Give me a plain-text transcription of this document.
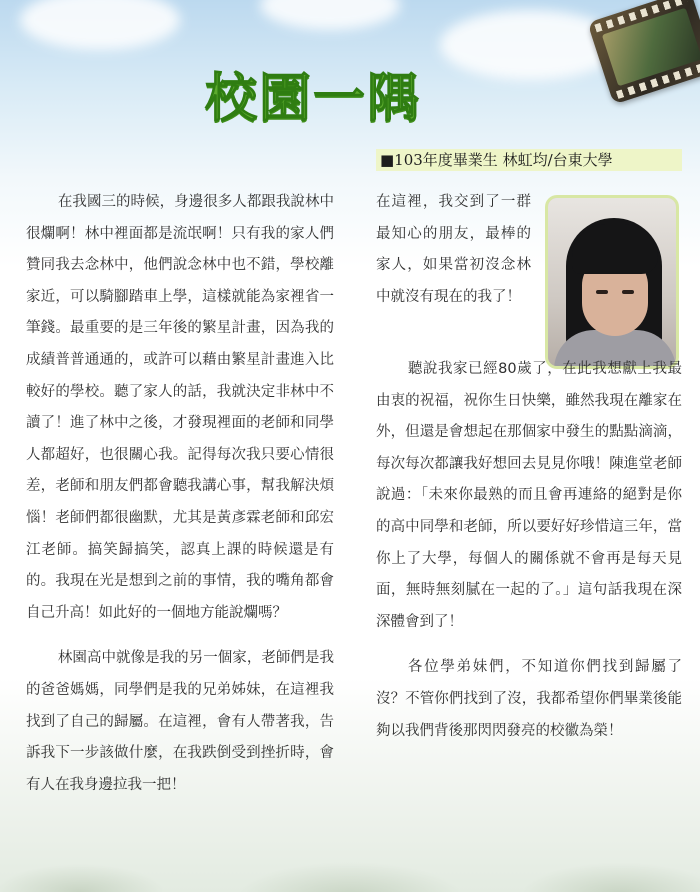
校園一隅
■103年度畢業生 林虹均/台東大學

在我國三的時候，身邊很多人都跟我說林中很爛啊！林中裡面都是流氓啊！只有我的家人們贊同我去念林中，他們說念林中也不錯，學校離家近，可以騎腳踏車上學，這樣就能為家裡省一筆錢。最重要的是三年後的繁星計畫，因為我的成績普普通通的，或許可以藉由繁星計畫進入比較好的學校。聽了家人的話，我就決定非林中不讀了！進了林中之後，才發現裡面的老師和同學人都超好，也很關心我。記得每次我只要心情很差，老師和朋友們都會聽我講心事，幫我解決煩惱！老師們都很幽默，尤其是黃彥霖老師和邱宏江老師。搞笑歸搞笑，認真上課的時候還是有的。我現在光是想到之前的事情，我的嘴角都會自己升高！如此好的一個地方能說爛嗎？

林園高中就像是我的另一個家，老師們是我的爸爸媽媽，同學們是我的兄弟姊妹，在這裡我找到了自己的歸屬。在這裡，會有人帶著我，告訴我下一步該做什麼，在我跌倒受到挫折時，會有人在我身邊拉我一把！

在這裡，我交到了一群最知心的朋友，最棒的家人，如果當初沒念林中就沒有現在的我了！

聽說我家已經80歲了，在此我想獻上我最由衷的祝福，祝你生日快樂，雖然我現在離家在外，但還是會想起在那個家中發生的點點滴滴，每次每次都讓我好想回去見見你哦！陳進堂老師說過：「未來你最熟的而且會再連絡的絕對是你的高中同學和老師，所以要好好珍惜這三年，當你上了大學，每個人的關係就不會再是每天見面，無時無刻膩在一起的了。」這句話我現在深深體會到了！

各位學弟妹們，不知道你們找到歸屬了沒？不管你們找到了沒，我都希望你們畢業後能夠以我們背後那閃閃發亮的校徽為榮！
